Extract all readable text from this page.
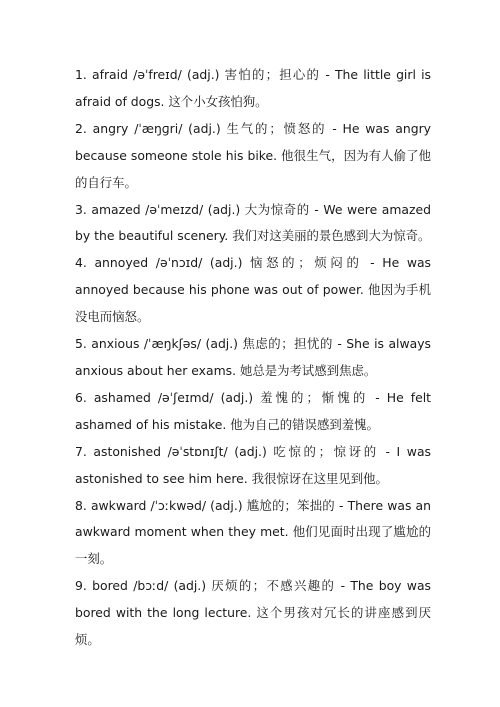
1. afraid /əˈfreɪd/ (adj.) 害怕的；担心的 - The little girl is afraid of dogs. 这个小女孩怕狗。
2. angry /ˈæŋɡri/ (adj.) 生气的；愤怒的 - He was angry because someone stole his bike. 他很生气，因为有人偷了他的自行车。
3. amazed /əˈmeɪzd/ (adj.) 大为惊奇的 - We were amazed by the beautiful scenery. 我们对这美丽的景色感到大为惊奇。
4. annoyed /əˈnɔɪd/ (adj.) 恼怒的；烦闷的 - He was annoyed because his phone was out of power. 他因为手机没电而恼怒。
5. anxious /ˈæŋkʃəs/ (adj.) 焦虑的；担忧的 - She is always anxious about her exams. 她总是为考试感到焦虑。
6. ashamed /əˈʃeɪmd/ (adj.) 羞愧的；惭愧的 - He felt ashamed of his mistake. 他为自己的错误感到羞愧。
7. astonished /əˈstɒnɪʃt/ (adj.) 吃惊的；惊讶的 - I was astonished to see him here. 我很惊讶在这里见到他。
8. awkward /ˈɔːkwəd/ (adj.) 尴尬的；笨拙的 - There was an awkward moment when they met. 他们见面时出现了尴尬的一刻。
9. bored /bɔːd/ (adj.) 厌烦的；不感兴趣的 - The boy was bored with the long lecture. 这个男孩对冗长的讲座感到厌烦。
